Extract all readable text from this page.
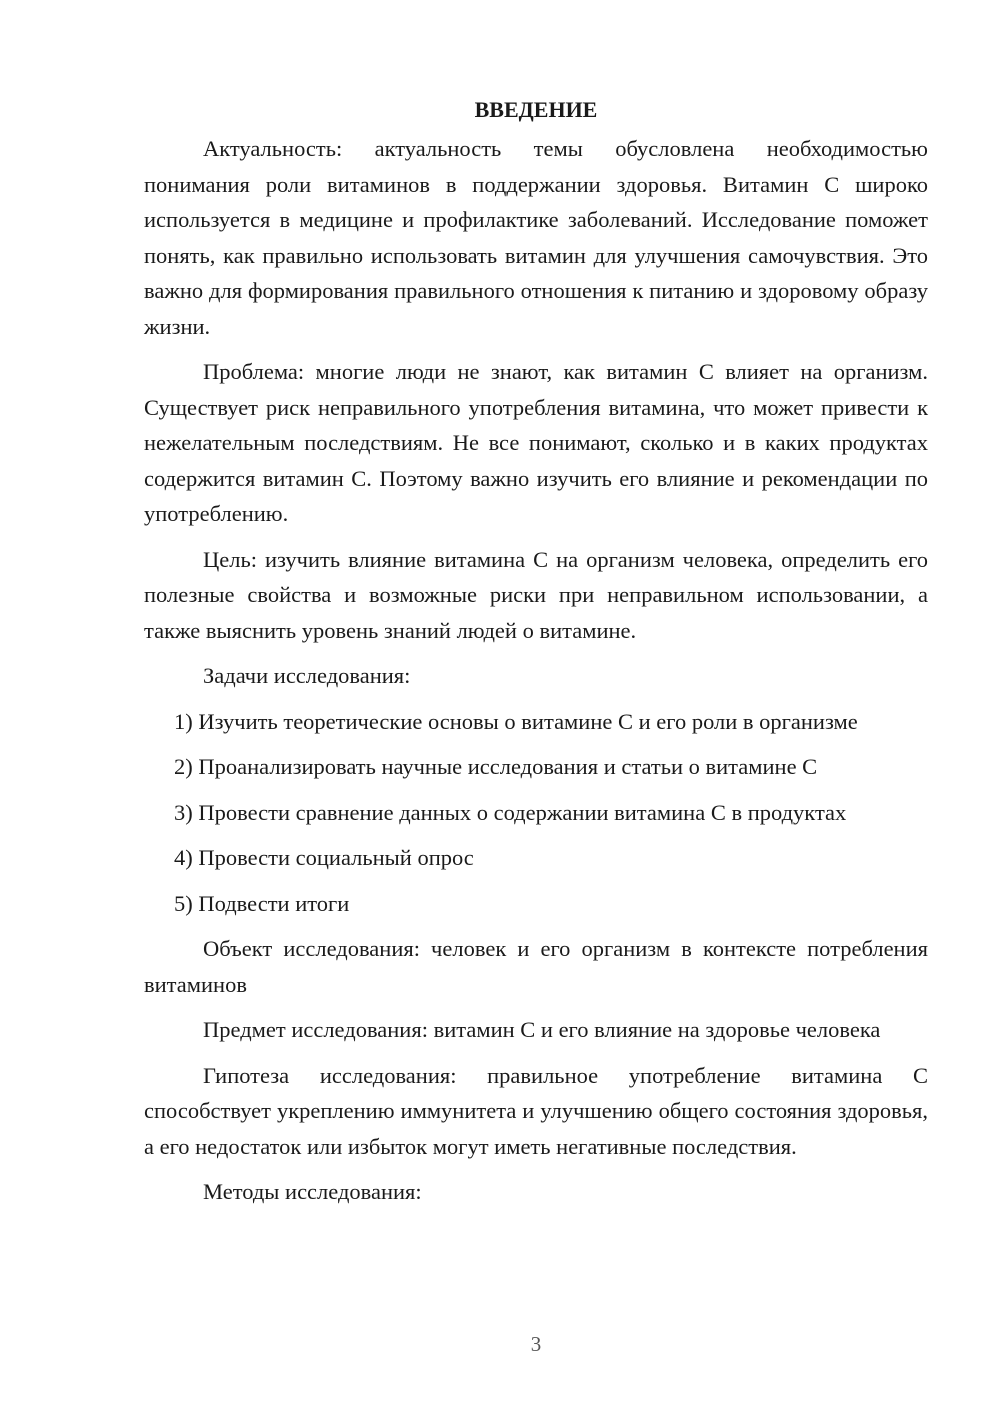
ВВЕДЕНИЕ

Актуальность: актуальность темы обусловлена необходимостью понимания роли витаминов в поддержании здоровья. Витамин С широко используется в медицине и профилактике заболеваний. Исследование поможет понять, как правильно использовать витамин для улучшения самочувствия. Это важно для формирования правильного отношения к питанию и здоровому образу жизни.

Проблема: многие люди не знают, как витамин С влияет на организм. Существует риск неправильного употребления витамина, что может привести к нежелательным последствиям. Не все понимают, сколько и в каких продуктах содержится витамин С. Поэтому важно изучить его влияние и рекомендации по употреблению.

Цель: изучить влияние витамина С на организм человека, определить его полезные свойства и возможные риски при неправильном использовании, а также выяснить уровень знаний людей о витамине.

Задачи исследования:

1) Изучить теоретические основы о витамине С и его роли в организме

2) Проанализировать научные исследования и статьи о витамине С

3) Провести сравнение данных о содержании витамина С в продуктах

4) Провести социальный опрос

5) Подвести итоги

Объект исследования: человек и его организм в контексте потребления витаминов

Предмет исследования: витамин С и его влияние на здоровье человека

Гипотеза исследования: правильное употребление витамина С способствует укреплению иммунитета и улучшению общего состояния здоровья, а его недостаток или избыток могут иметь негативные последствия.

Методы исследования:

3
